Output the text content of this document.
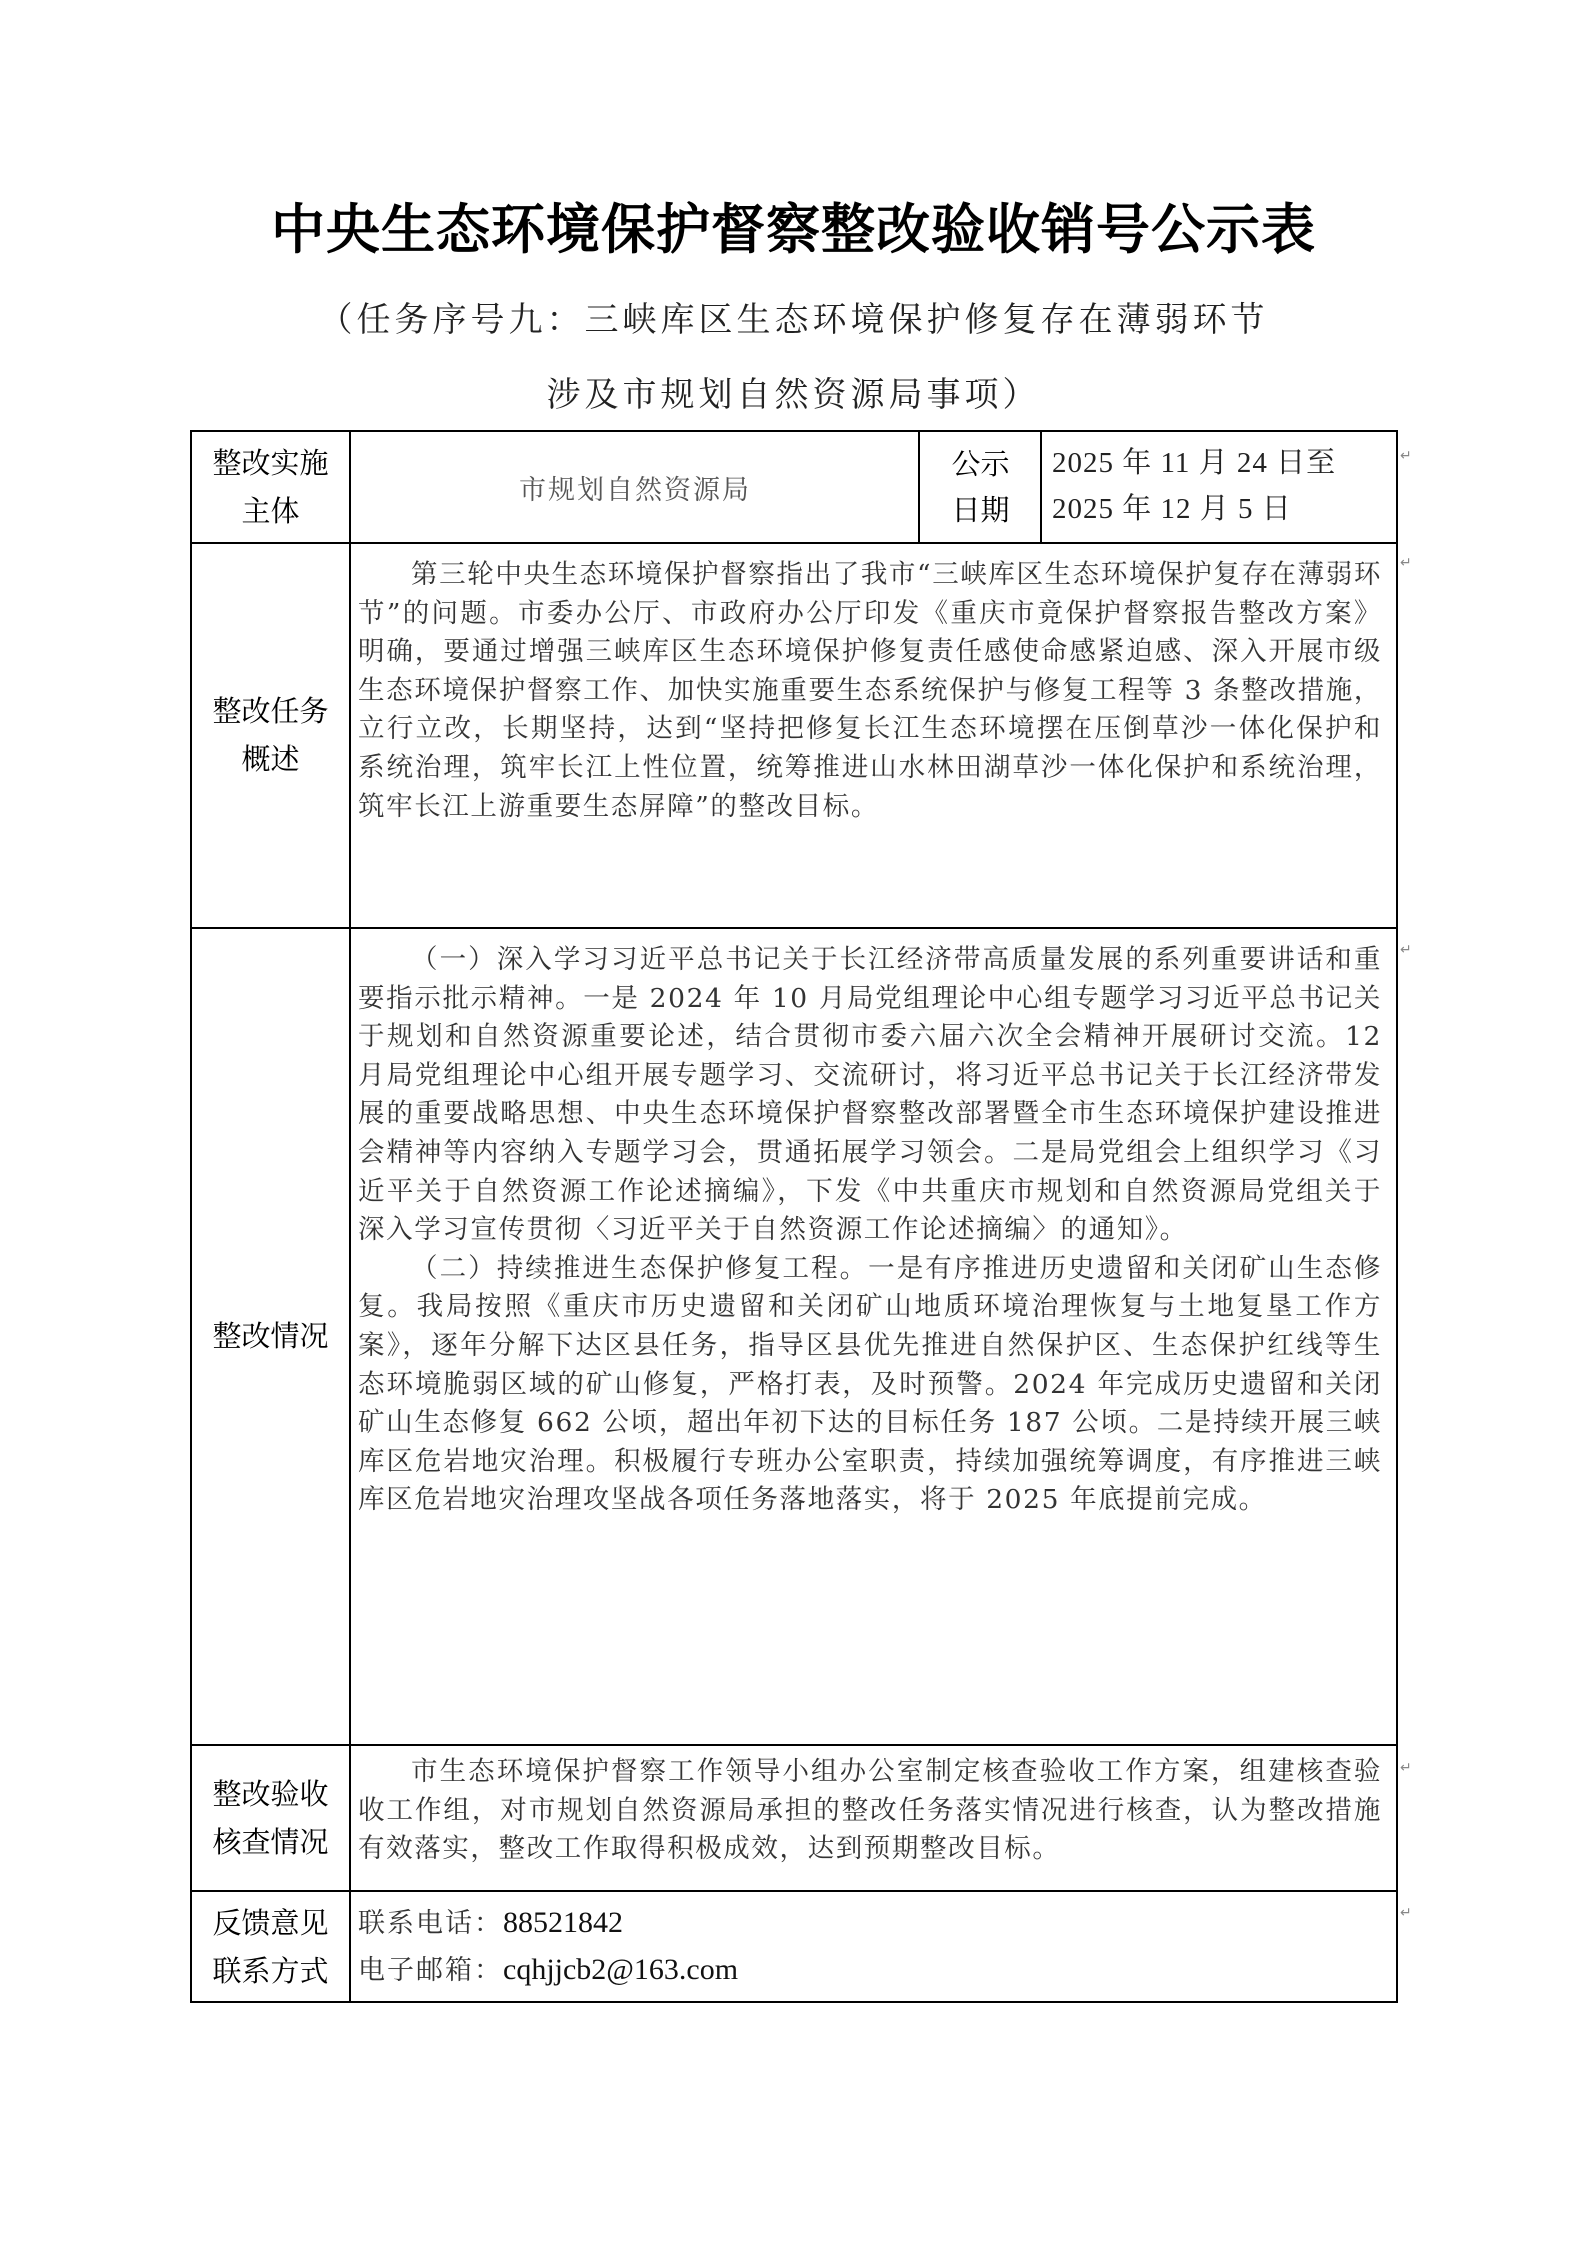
中央生态环境保护督察整改验收销号公示表
（任务序号九：三峡库区生态环境保护修复存在薄弱环节
涉及市规划自然资源局事项）
整改实施
主体
市规划自然资源局
公示
日期
2025 年 11 月 24 日至
2025 年 12 月 5 日
整改任务
概述

第三轮中央生态环境保护督察指出了我市“三峡库区生态环境保护复存在薄弱环节”的问题。市委办公厅、市政府办公厅印发《重庆市竟保护督察报告整改方案》明确，要通过增强三峡库区生态环境保护修复责任感使命感紧迫感、深入开展市级生态环境保护督察工作、加快实施重要生态系统保护与修复工程等 3 条整改措施，立行立改，长期坚持，达到“坚持把修复长江生态环境摆在压倒草沙一体化保护和系统治理，筑牢长江上性位置，统筹推进山水林田湖草沙一体化保护和系统治理，筑牢长江上游重要生态屏障”的整改目标。

整改情况

（一）深入学习习近平总书记关于长江经济带高质量发展的系列重要讲话和重要指示批示精神。一是 2024 年 10 月局党组理论中心组专题学习习近平总书记关于规划和自然资源重要论述，结合贯彻市委六届六次全会精神开展研讨交流。12 月局党组理论中心组开展专题学习、交流研讨，将习近平总书记关于长江经济带发展的重要战略思想、中央生态环境保护督察整改部署暨全市生态环境保护建设推进会精神等内容纳入专题学习会，贯通拓展学习领会。二是局党组会上组织学习《习近平关于自然资源工作论述摘编》，下发《中共重庆市规划和自然资源局党组关于深入学习宣传贯彻〈习近平关于自然资源工作论述摘编〉的通知》。

（二）持续推进生态保护修复工程。一是有序推进历史遗留和关闭矿山生态修复。我局按照《重庆市历史遗留和关闭矿山地质环境治理恢复与土地复垦工作方案》，逐年分解下达区县任务，指导区县优先推进自然保护区、生态保护红线等生态环境脆弱区域的矿山修复，严格打表，及时预警。2024 年完成历史遗留和关闭矿山生态修复 662 公顷，超出年初下达的目标任务 187 公顷。二是持续开展三峡库区危岩地灾治理。积极履行专班办公室职责，持续加强统筹调度，有序推进三峡库区危岩地灾治理攻坚战各项任务落地落实，将于 2025 年底提前完成。

整改验收
核查情况

市生态环境保护督察工作领导小组办公室制定核查验收工作方案，组建核查验收工作组，对市规划自然资源局承担的整改任务落实情况进行核查，认为整改措施有效落实，整改工作取得积极成效，达到预期整改目标。

反馈意见
联系方式
联系电话：88521842
电子邮箱：cqhjjcb2@163.com
↵
↵
↵
↵
↵
